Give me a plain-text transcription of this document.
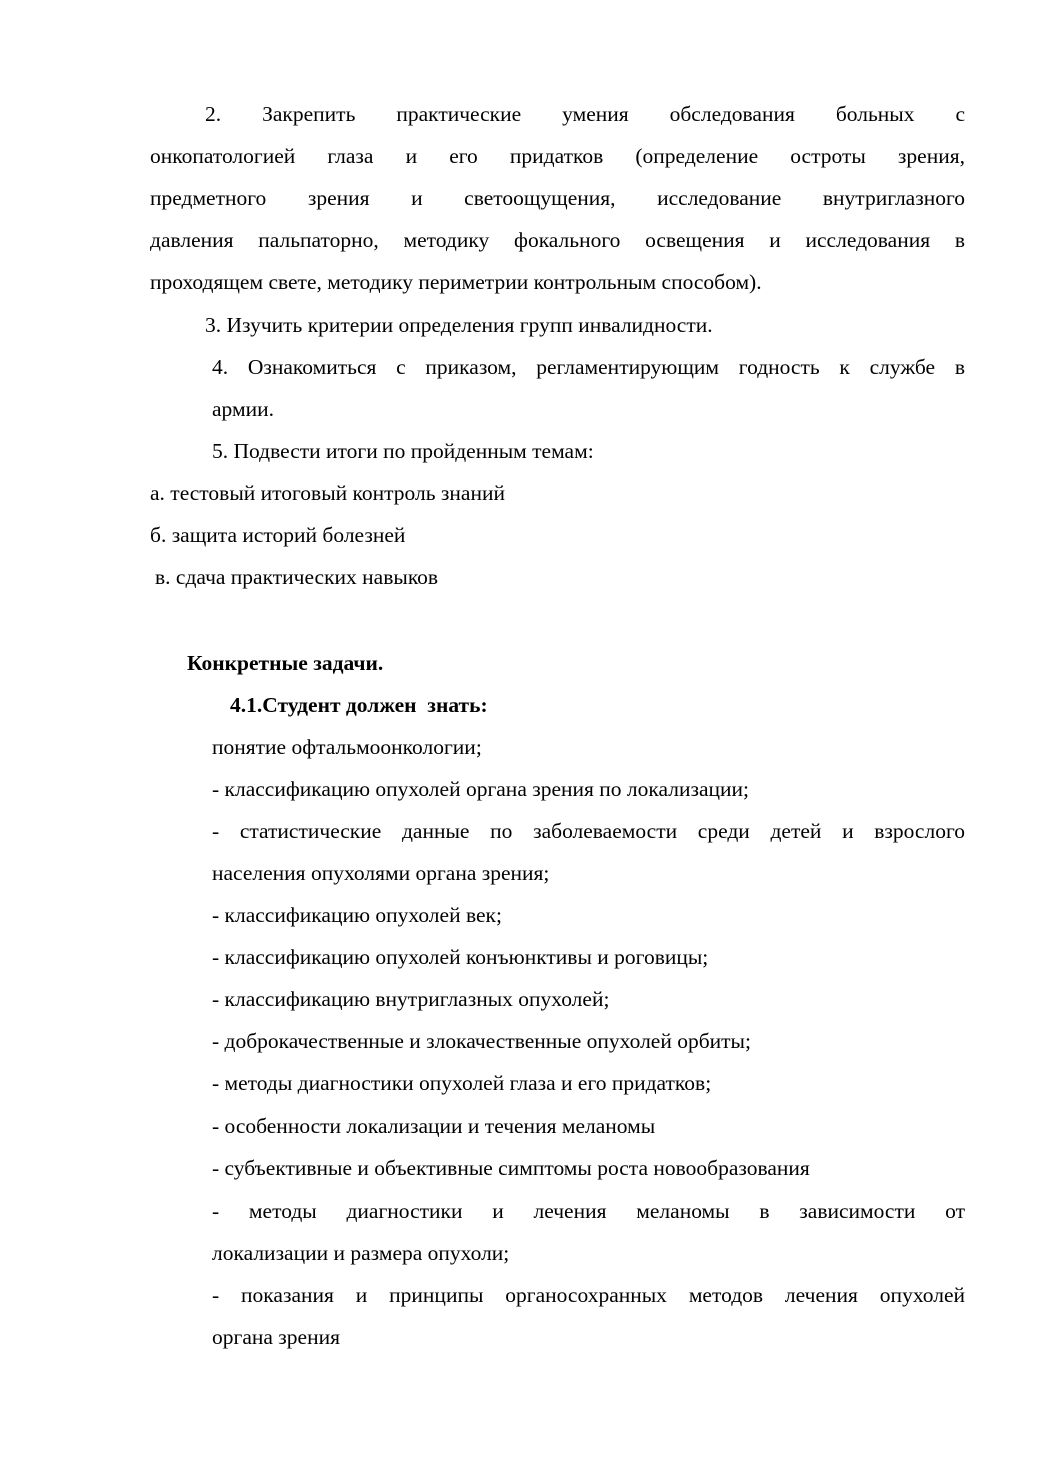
2. Закрепить практические умения обследования больных с

онкопатологией глаза и его придатков (определение остроты зрения,

предметного зрения и светоощущения, исследование внутриглазного

давления пальпаторно, методику фокального освещения и исследования в

проходящем свете, методику периметрии контрольным способом).

3. Изучить критерии определения групп инвалидности.

4. Ознакомиться с приказом, регламентирующим годность к службе в

армии.

5. Подвести итоги по пройденным темам:

а. тестовый итоговый контроль знаний

б. защита историй болезней

в. сдача практических навыков

Конкретные задачи.

4.1.Студент должен  знать:

понятие офтальмоонкологии;

- классификацию опухолей органа зрения по локализации;

- статистические данные по заболеваемости среди детей и взрослого

населения опухолями органа зрения;

- классификацию опухолей век;

- классификацию опухолей конъюнктивы и роговицы;

- классификацию внутриглазных опухолей;

- доброкачественные и злокачественные опухолей орбиты;

- методы диагностики опухолей глаза и его придатков;

- особенности локализации и течения меланомы

- субъективные и объективные симптомы роста новообразования

- методы диагностики и лечения меланомы в зависимости от

локализации и размера опухоли;

- показания и принципы органосохранных методов лечения опухолей

органа зрения
